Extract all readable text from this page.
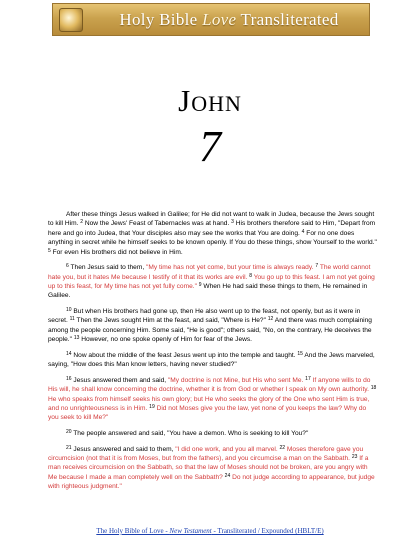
Holy Bible Love Transliterated
John
7

After these things Jesus walked in Galilee; for He did not want to walk in Judea, because the Jews sought to kill Him. $^2$ Now the Jews' Feast of Tabernacles was at hand. $^3$ His brothers therefore said to Him, "Depart from here and go into Judea, that Your disciples also may see the works that You are doing. $^4$ For no one does anything in secret while he himself seeks to be known openly. If You do these things, show Yourself to the world." $^5$ For even His brothers did not believe in Him.

$^6$ Then Jesus said to them, "My time has not yet come, but your time is always ready. $^7$ The world cannot hate you, but it hates Me because I testify of it that its works are evil. $^8$ You go up to this feast. I am not yet going up to this feast, for My time has not yet fully come." $^9$ When He had said these things to them, He remained in Galilee.

$^{10}$ But when His brothers had gone up, then He also went up to the feast, not openly, but as it were in secret. $^{11}$ Then the Jews sought Him at the feast, and said, "Where is He?" $^{12}$ And there was much complaining among the people concerning Him. Some said, "He is good"; others said, "No, on the contrary, He deceives the people." $^{13}$ However, no one spoke openly of Him for fear of the Jews.

$^{14}$ Now about the middle of the feast Jesus went up into the temple and taught. $^{15}$ And the Jews marveled, saying, "How does this Man know letters, having never studied?"

$^{16}$ Jesus answered them and said, "My doctrine is not Mine, but His who sent Me. $^{17}$ If anyone wills to do His will, he shall know concerning the doctrine, whether it is from God or whether I speak on My own authority. $^{18}$ He who speaks from himself seeks his own glory; but He who seeks the glory of the One who sent Him is true, and no unrighteousness is in Him. $^{19}$ Did not Moses give you the law, yet none of you keeps the law? Why do you seek to kill Me?"

$^{20}$ The people answered and said, "You have a demon. Who is seeking to kill You?"

$^{21}$ Jesus answered and said to them, "I did one work, and you all marvel. $^{22}$ Moses therefore gave you circumcision (not that it is from Moses, but from the fathers), and you circumcise a man on the Sabbath. $^{23}$ If a man receives circumcision on the Sabbath, so that the law of Moses should not be broken, are you angry with Me because I made a man completely well on the Sabbath? $^{24}$ Do not judge according to appearance, but judge with righteous judgment."

The Holy Bible of Love - New Testament - Transliterated / Expounded (HBLT/E)
